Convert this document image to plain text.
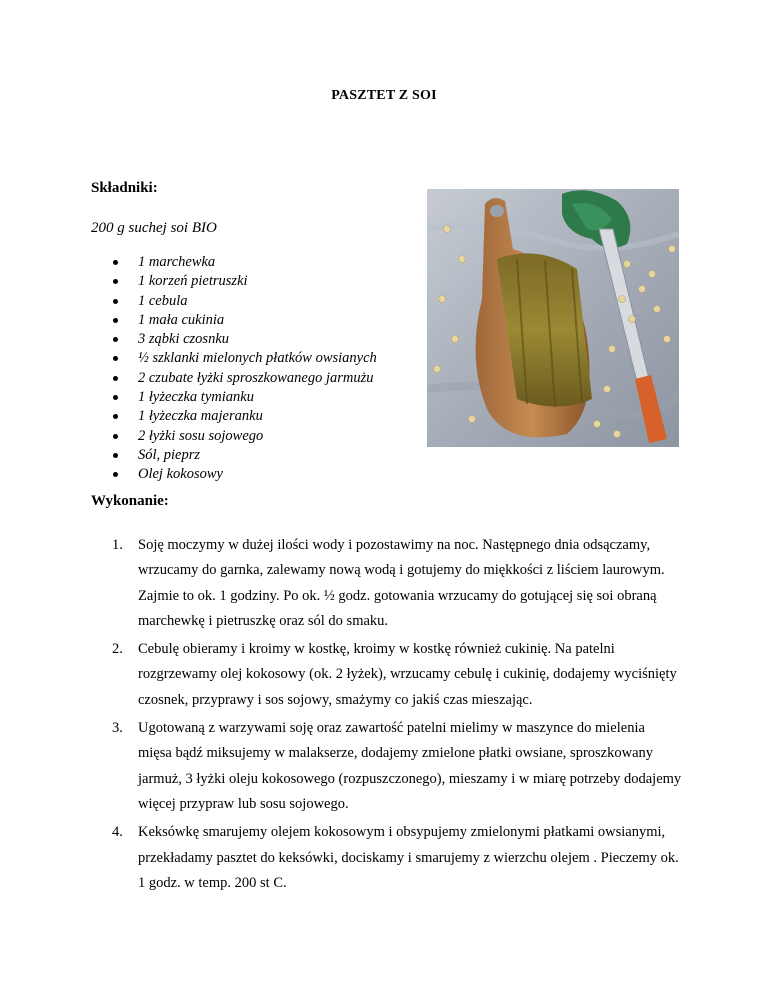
PASZTET Z SOI
Składniki:
200 g suchej soi BIO
1 marchewka
1 korzeń pietruszki
1 cebula
1 mała cukinia
3 ząbki czosnku
½ szklanki mielonych płatków owsianych
2 czubate łyżki sproszkowanego jarmużu
1 łyżeczka tymianku
1 łyżeczka majeranku
2 łyżki sosu sojowego
Sól, pieprz
Olej kokosowy
Wykonanie:
1. Soję moczymy w dużej ilości wody i pozostawimy na noc. Następnego dnia odsączamy, wrzucamy do garnka, zalewamy nową wodą i gotujemy do miękkości z liściem laurowym. Zajmie to ok. 1 godziny. Po ok. ½ godz. gotowania wrzucamy do gotującej się soi obraną marchewkę i pietruszkę oraz sól do smaku.
2. Cebulę obieramy i kroimy w kostkę, kroimy w kostkę również cukinię. Na patelni rozgrzewamy olej kokosowy (ok. 2 łyżek), wrzucamy cebulę i cukinię, dodajemy wyciśnięty czosnek, przyprawy i sos sojowy, smażymy co jakiś czas mieszając.
3. Ugotowaną z warzywami soję oraz zawartość patelni mielimy w maszynce do mielenia mięsa bądź miksujemy w malakserze, dodajemy zmielone płatki owsiane, sproszkowany jarmuż, 3 łyżki oleju kokosowego (rozpuszczonego), mieszamy i w miarę potrzeby dodajemy więcej przypraw lub sosu sojowego.
4. Keksówkę smarujemy olejem kokosowym i obsypujemy zmielonymi płatkami owsianymi, przekładamy pasztet do keksówki, dociskamy i smarujemy z wierzchu olejem . Pieczemy ok. 1 godz. w temp. 200 st C.
